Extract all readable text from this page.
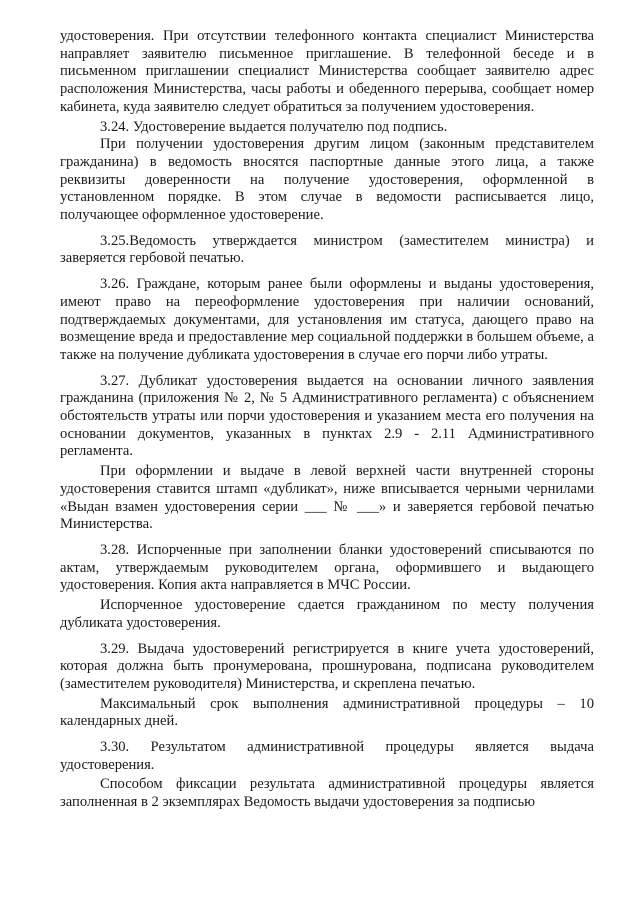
удостоверения. При отсутствии телефонного контакта специалист Министерства направляет заявителю письменное приглашение. В телефонной беседе и в письменном приглашении специалист Министерства сообщает заявителю адрес расположения Министерства, часы работы и обеденного перерыва, сообщает номер кабинета, куда заявителю следует обратиться за получением удостоверения.

3.24. Удостоверение выдается получателю под подпись.

При получении удостоверения другим лицом (законным представителем гражданина) в ведомость вносятся паспортные данные этого лица, а также реквизиты доверенности на получение удостоверения, оформленной в установленном порядке. В этом случае в ведомости расписывается лицо, получающее оформленное удостоверение.

3.25.Ведомость утверждается министром (заместителем министра) и заверяется гербовой печатью.

3.26. Граждане, которым ранее были оформлены и выданы удостоверения, имеют право на переоформление удостоверения при наличии оснований, подтверждаемых документами, для установления им статуса, дающего право на возмещение вреда и предоставление мер социальной поддержки в большем объеме, а также на получение дубликата удостоверения в случае его порчи либо утраты.

3.27. Дубликат удостоверения выдается на основании личного заявления гражданина (приложения № 2, № 5 Административного регламента) с объяснением обстоятельств утраты или порчи удостоверения и указанием места его получения на основании документов, указанных в пунктах 2.9 - 2.11 Административного регламента.

При оформлении и выдаче в левой верхней части внутренней стороны удостоверения ставится штамп «дубликат», ниже вписывается черными чернилами «Выдан взамен удостоверения серии ___ № ___» и заверяется гербовой печатью Министерства.

3.28. Испорченные при заполнении бланки удостоверений списываются по актам, утверждаемым руководителем органа, оформившего и выдающего удостоверения. Копия акта направляется в МЧС России.

Испорченное удостоверение сдается гражданином по месту получения дубликата удостоверения.

3.29. Выдача удостоверений регистрируется в книге учета удостоверений, которая должна быть пронумерована, прошнурована, подписана руководителем (заместителем руководителя) Министерства, и скреплена печатью.

Максимальный срок выполнения административной процедуры – 10 календарных дней.

3.30. Результатом административной процедуры является выдача удостоверения.

Способом фиксации результата административной процедуры является заполненная в 2 экземплярах Ведомость выдачи удостоверения за подписью
